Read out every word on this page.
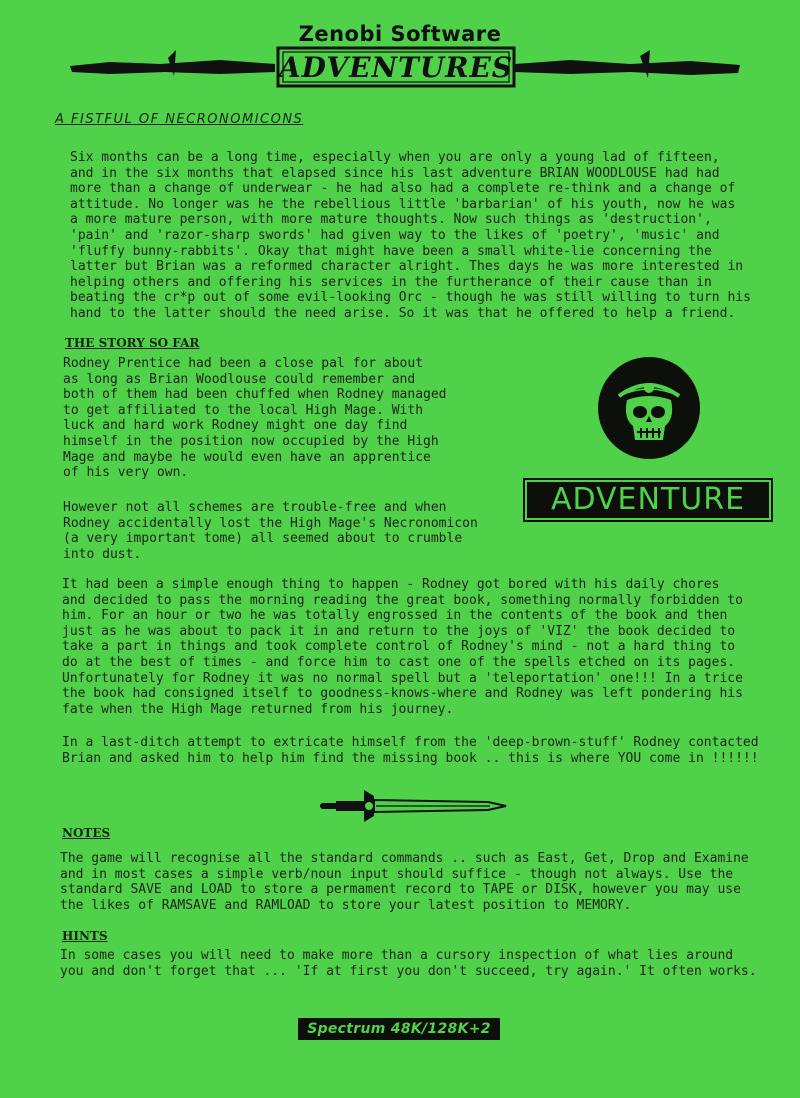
Zenobi Software
ADVENTURES
A FISTFUL OF NECRONOMICONS

Six months can be a long time, especially when you are only a young lad of fifteen,
and in the six months that elapsed since his last adventure BRIAN WOODLOUSE had had
more than a change of underwear - he had also had a complete re-think and a change of
attitude. No longer was he the rebellious little 'barbarian' of his youth, now he was
a more mature person, with more mature thoughts. Now such things as 'destruction',
'pain' and 'razor-sharp swords' had given way to the likes of 'poetry', 'music' and
'fluffy bunny-rabbits'. Okay that might have been a small white-lie concerning the
latter but Brian was a reformed character alright. Thes days he was more interested in
helping others and offering his services in the furtherance of their cause than in
beating the cr*p out of some evil-looking Orc - though he was still willing to turn his
hand to the latter should the need arise. So it was that he offered to help a friend.

THE STORY SO FAR

Rodney Prentice had been a close pal for about
as long as Brian Woodlouse could remember and
both of them had been chuffed when Rodney managed
to get affiliated to the local High Mage. With
luck and hard work Rodney might one day find
himself in the position now occupied by the High
Mage and maybe he would even have an apprentice
of his very own.

However not all schemes are trouble-free and when
Rodney accidentally lost the High Mage's Necronomicon
(a very important tome) all seemed about to crumble
into dust.

ADVENTURE

It had been a simple enough thing to happen - Rodney got bored with his daily chores
and decided to pass the morning reading the great book, something normally forbidden to
him. For an hour or two he was totally engrossed in the contents of the book and then
just as he was about to pack it in and return to the joys of 'VIZ' the book decided to
take a part in things and took complete control of Rodney's mind - not a hard thing to
do at the best of times - and force him to cast one of the spells etched on its pages.
Unfortunately for Rodney it was no normal spell but a 'teleportation' one!!! In a trice
the book had consigned itself to goodness-knows-where and Rodney was left pondering his
fate when the High Mage returned from his journey.

In a last-ditch attempt to extricate himself from the 'deep-brown-stuff' Rodney contacted
Brian and asked him to help him find the missing book .. this is where YOU come in !!!!!!

NOTES

The game will recognise all the standard commands .. such as East, Get, Drop and Examine
and in most cases a simple verb/noun input should suffice - though not always. Use the
standard SAVE and LOAD to store a permament record to TAPE or DISK, however you may use
the likes of RAMSAVE and RAMLOAD to store your latest position to MEMORY.

HINTS

In some cases you will need to make more than a cursory inspection of what lies around
you and don't forget that ... 'If at first you don't succeed, try again.' It often works.

Spectrum 48K/128K+2
